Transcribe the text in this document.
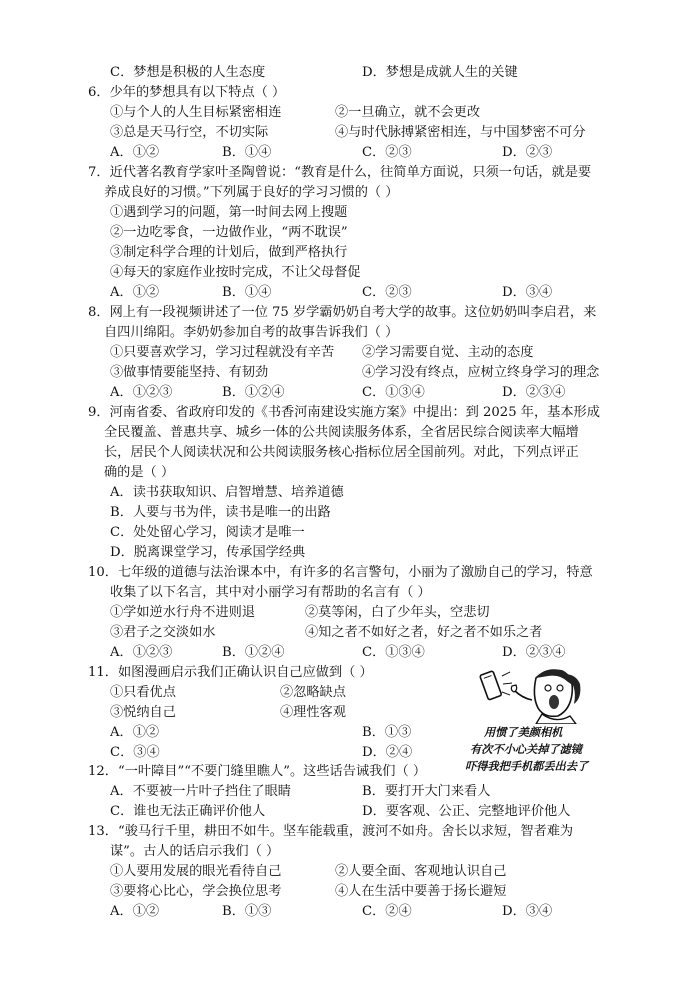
C．梦想是积极的人生态度	D．梦想是成就人生的关键
6．少年的梦想具有以下特点（ ）
①与个人的人生目标紧密相连	②一旦确立，就不会更改
③总是天马行空，不切实际	④与时代脉搏紧密相连，与中国梦密不可分
A．①②	B．①④	C．②③	D．②③
7．近代著名教育学家叶圣陶曾说：“教育是什么，往简单方面说，只须一句话，就是要
养成良好的习惯。”下列属于良好的学习习惯的（ ）
①遇到学习的问题，第一时间去网上搜题
②一边吃零食，一边做作业，“两不耽误”
③制定科学合理的计划后，做到严格执行
④每天的家庭作业按时完成，不让父母督促
A．①②	B．①④	C．②③	D．③④
8．网上有一段视频讲述了一位 75 岁学霸奶奶自考大学的故事。这位奶奶叫李启君，来
自四川绵阳。李奶奶参加自考的故事告诉我们（ ）
①只要喜欢学习，学习过程就没有辛苦 ②学习需要自觉、主动的态度
③做事情要能坚持、有韧劲	④学习没有终点，应树立终身学习的理念
A．①②③	B．①②④	C．①③④	D．②③④
9．河南省委、省政府印发的《书香河南建设实施方案》中提出：到 2025 年，基本形成
全民覆盖、普惠共享、城乡一体的公共阅读服务体系，全省居民综合阅读率大幅增
长，居民个人阅读状况和公共阅读服务核心指标位居全国前列。对此，下列点评正
确的是（ ）
A．读书获取知识、启智增慧、培养道德
B．人要与书为伴，读书是唯一的出路
C．处处留心学习，阅读才是唯一
D．脱离课堂学习，传承国学经典
10．七年级的道德与法治课本中，有许多的名言警句，小丽为了激励自己的学习，特意
收集了以下名言，其中对小丽学习有帮助的名言有（ ）
①学如逆水行舟不进则退	②莫等闲，白了少年头，空悲切
③君子之交淡如水	④知之者不如好之者，好之者不如乐之者
A．①②③	B．①②④	C．①③④	D．②③④
11．如图漫画启示我们正确认识自己应做到（ ）
①只看优点	②忽略缺点
③悦纳自己	④理性客观
A．①②	B．①③
C．③④	D．②④
用惯了美颜相机
有次不小心关掉了滤镜
吓得我把手机都丢出去了
12．“一叶障目”“不要门缝里瞧人”。这些话告诫我们（ ）
A．不要被一片叶子挡住了眼睛	B．要打开大门来看人
C．谁也无法正确评价他人	D．要客观、公正、完整地评价他人
13．“骏马行千里，耕田不如牛。坚车能载重，渡河不如舟。舍长以求短，智者难为
谋”。古人的话启示我们（ ）
①人要用发展的眼光看待自己	②人要全面、客观地认识自己
③要将心比心，学会换位思考	④人在生活中要善于扬长避短
A．①②	B．①③	C．②④	D．③④
